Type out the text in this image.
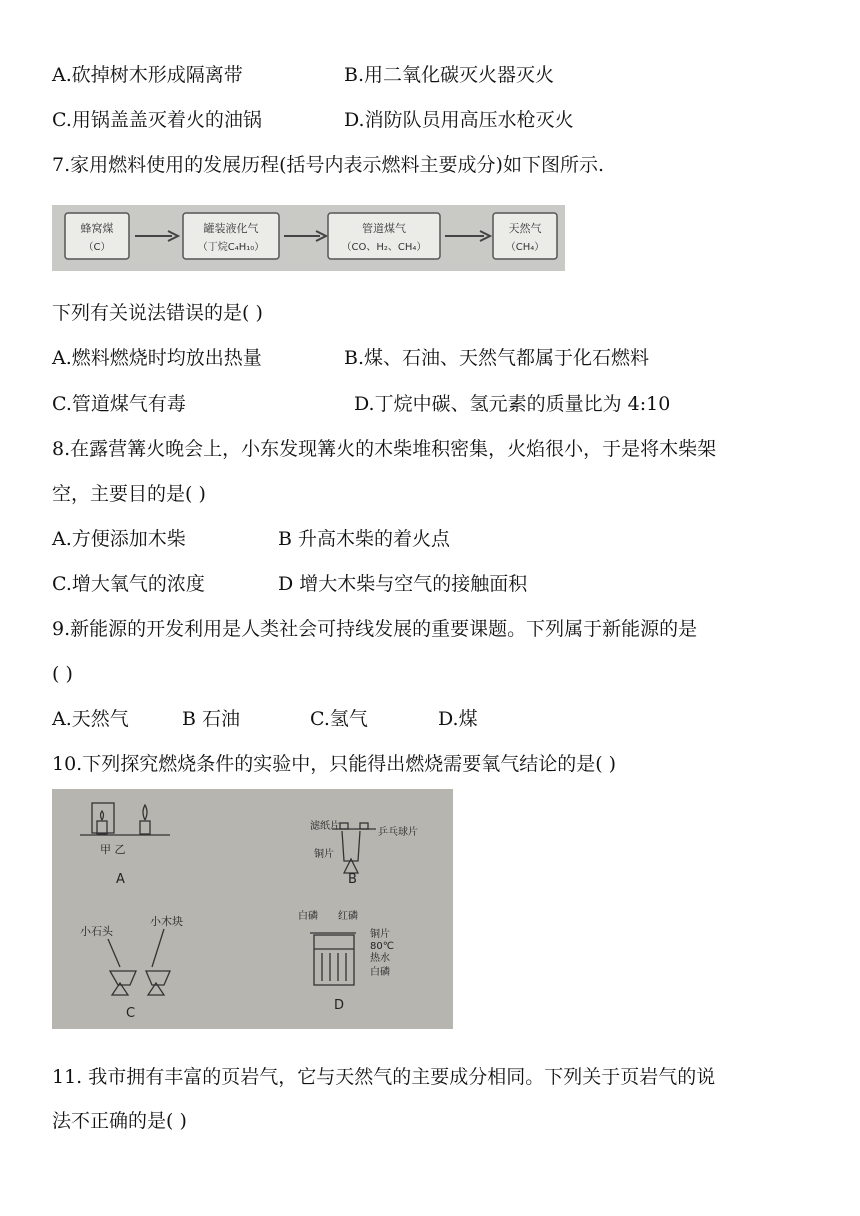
A.砍掉树木形成隔离带	B.用二氧化碳灭火器灭火
C.用锅盖盖灭着火的油锅	D.消防队员用高压水枪灭火
7.家用燃料使用的发展历程(括号内表示燃料主要成分)如下图所示.
蜂窝煤
（C）
罐装液化气
（丁烷C₄H₁₀）
管道煤气
（CO、H₂、CH₄）
天然气
（CH₄）
下列有关说法错误的是( )
A.燃料燃烧时均放出热量	B.煤、石油、天然气都属于化石燃料
C.管道煤气有毒	D.丁烷中碳、氢元素的质量比为 4:10
8.在露营篝火晚会上，小东发现篝火的木柴堆积密集，火焰很小，于是将木柴架
空，主要目的是( )
A.方便添加木柴	B 升高木柴的着火点
C.增大氧气的浓度	D 增大木柴与空气的接触面积
9.新能源的开发利用是人类社会可持线发展的重要课题。下列属于新能源的是
( )
A.天然气	B 石油	C.氢气	D.煤
10.下列探究燃烧条件的实验中，只能得出燃烧需要氧气结论的是( )
甲 乙
A
滤纸片
乒乓球片
铜片
B
小石头
小木块
C
白磷 红磷
铜片
80℃
热水
白磷
D
11. 我市拥有丰富的页岩气，它与天然气的主要成分相同。下列关于页岩气的说
法不正确的是( )
